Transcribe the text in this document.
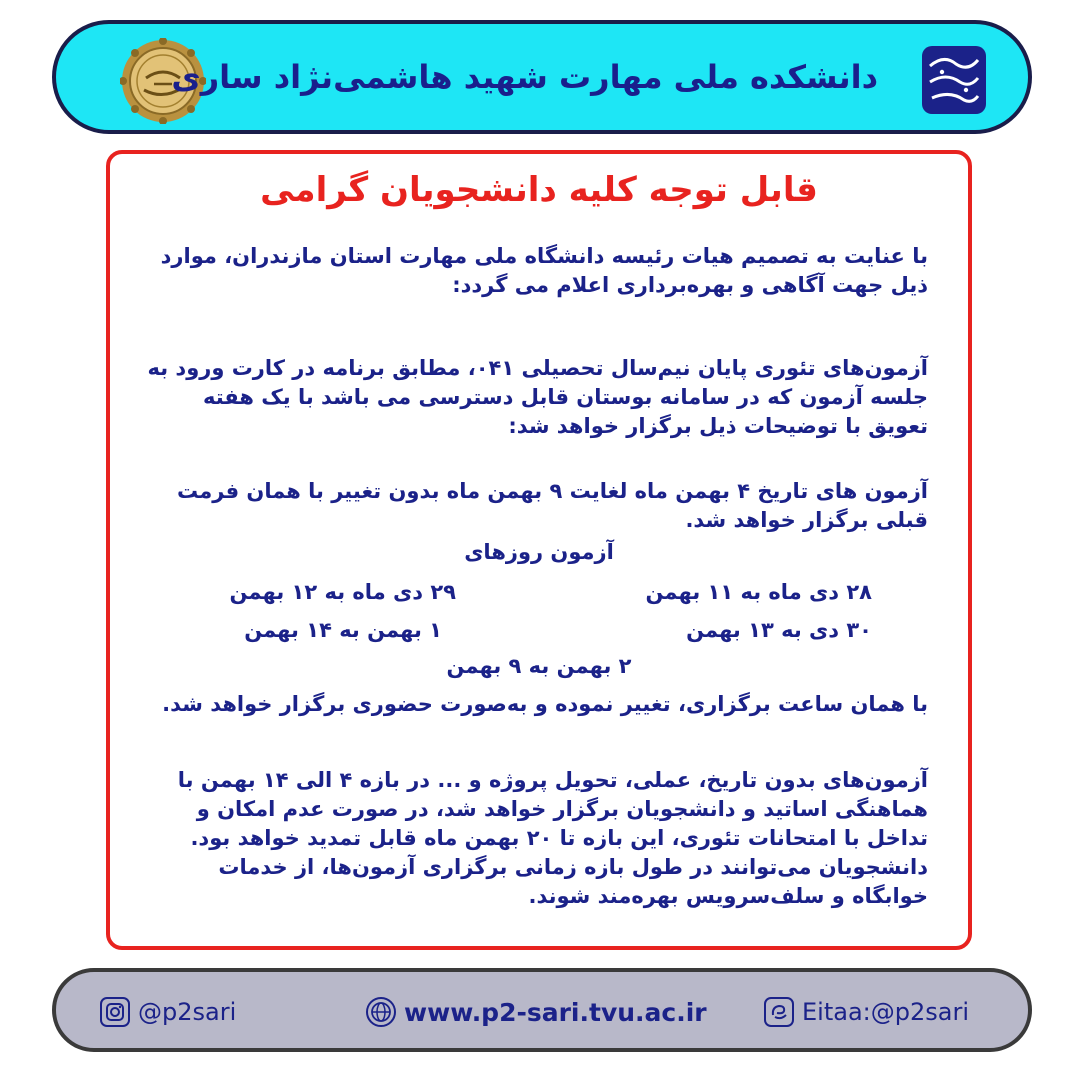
دانشکده ملی مهارت شهید هاشمی‌نژاد ساری
قابل توجه کلیه دانشجویان گرامی
با عنایت به تصمیم هیات رئیسه دانشگاه ملی مهارت استان مازندران، موارد ذیل جهت آگاهی و بهره‌برداری اعلام می گردد:
آزمون‌های تئوری پایان نیم‌سال تحصیلی ۰۴۱، مطابق برنامه در کارت ورود به جلسه آزمون که در سامانه بوستان قابل دسترسی می باشد با یک هفته تعویق با توضیحات ذیل برگزار خواهد شد:
آزمون های تاریخ ۴ بهمن ماه لغایت ۹ بهمن ماه بدون تغییر با همان فرمت قبلی برگزار خواهد شد.
آزمون روزهای
۲۸ دی ماه به ۱۱ بهمن
۳۰ دی به ۱۳ بهمن
۲۹ دی ماه به ۱۲ بهمن
۱ بهمن به ۱۴ بهمن
۲ بهمن به ۹ بهمن
با همان ساعت برگزاری، تغییر نموده و به‌صورت حضوری برگزار خواهد شد.
آزمون‌های بدون تاریخ، عملی، تحویل پروژه و ... در بازه ۴ الی ۱۴ بهمن با هماهنگی اساتید و دانشجویان برگزار خواهد شد، در صورت عدم امکان و تداخل با امتحانات تئوری، این بازه تا ۲۰ بهمن ماه قابل تمدید خواهد بود. دانشجویان می‌توانند در طول بازه زمانی برگزاری آزمون‌ها، از خدمات خوابگاه و سلف‌سرویس بهره‌مند شوند.
@p2sari	www.p2-sari.tvu.ac.ir	Eitaa:@p2sari
